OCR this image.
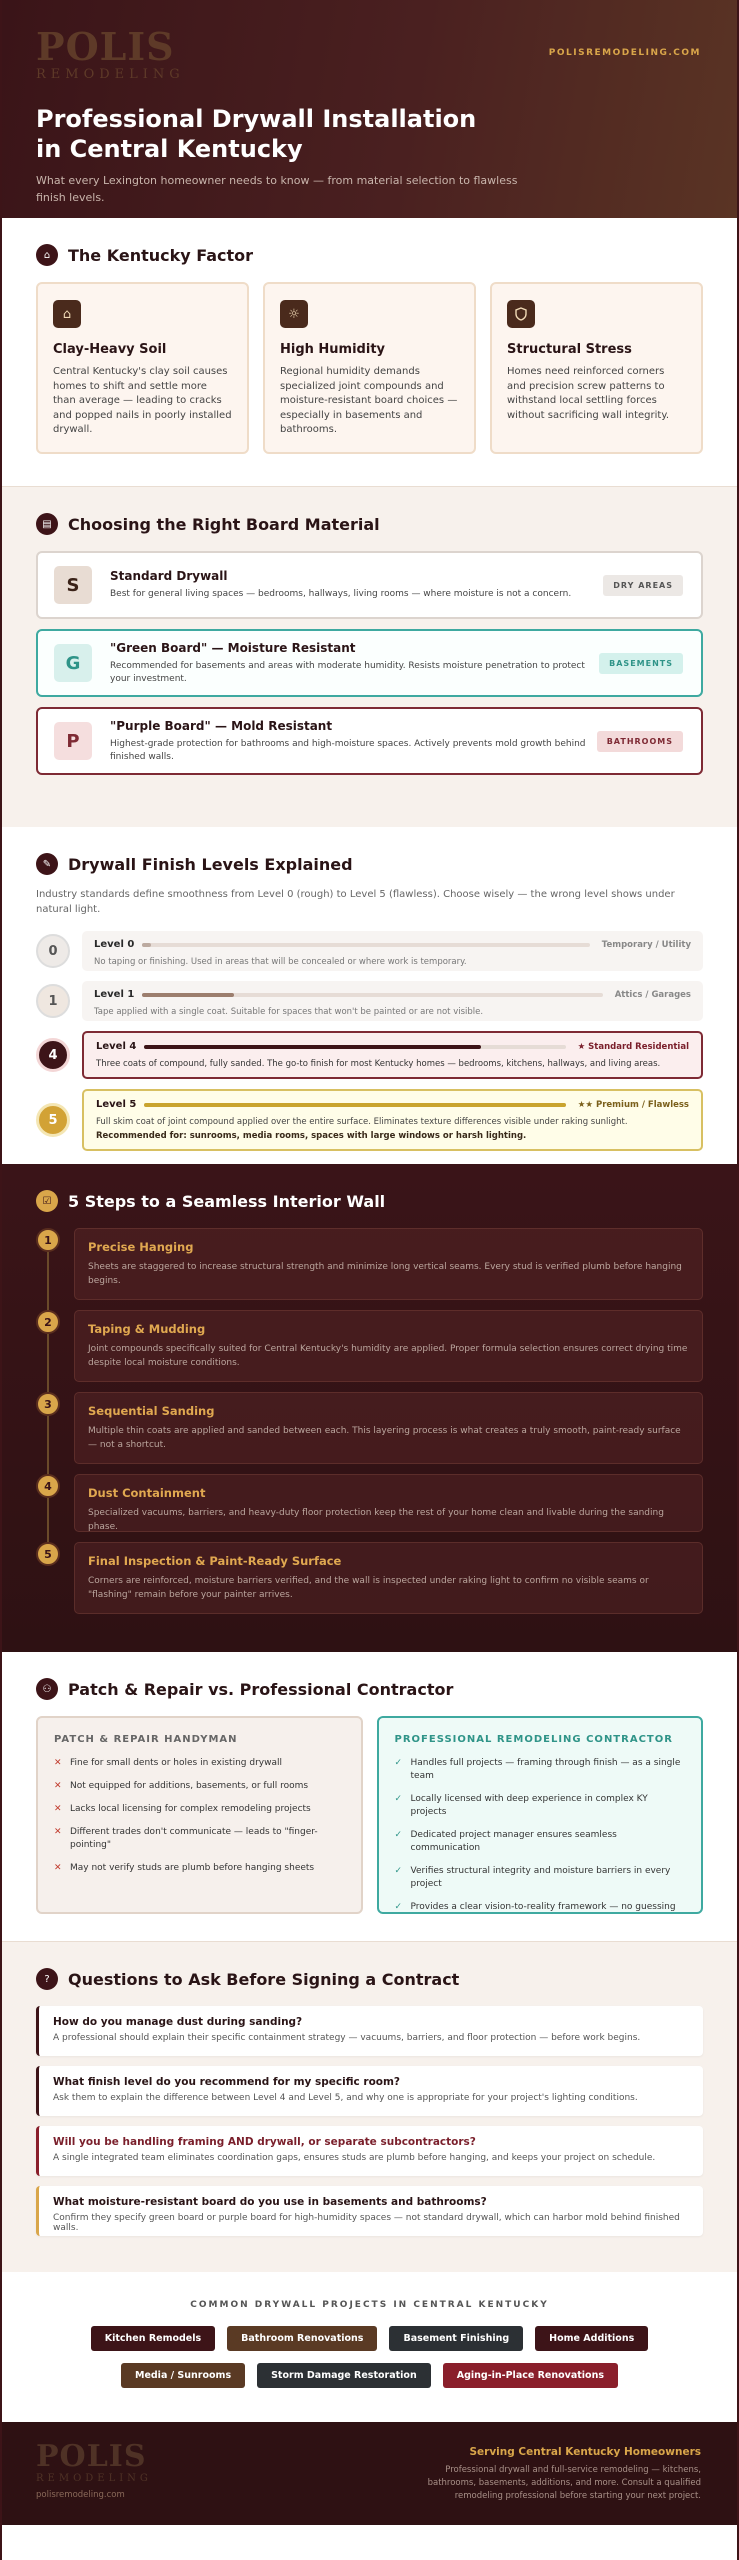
POLIS
REMODELING
POLISREMODELING.COM
Professional Drywall Installation in Central Kentucky

What every Lexington homeowner needs to know — from material selection to flawless finish levels.

⌂	The Kentucky Factor
⌂
Clay-Heavy Soil

Central Kentucky's clay soil causes homes to shift and settle more than average — leading to cracks and popped nails in poorly installed drywall.

☼
High Humidity

Regional humidity demands specialized joint compounds and moisture-resistant board choices — especially in basements and bathrooms.

Structural Stress

Homes need reinforced corners and precision screw patterns to withstand local settling forces without sacrificing wall integrity.

▤	Choosing the Right Board Material
S	Standard Drywall

Best for general living spaces — bedrooms, hallways, living rooms — where moisture is not a concern.

DRY AREAS
G
"Green Board" — Moisture Resistant

Recommended for basements and areas with moderate humidity. Resists moisture penetration to protect your investment.

BASEMENTS
P
"Purple Board" — Mold Resistant

Highest-grade protection for bathrooms and high-moisture spaces. Actively prevents mold growth behind finished walls.

BATHROOMS
✎	Drywall Finish Levels Explained

Industry standards define smoothness from Level 0 (rough) to Level 5 (flawless). Choose wisely — the wrong level shows under natural light.

0	Level 0	Temporary / Utility
No taping or finishing. Used in areas that will be concealed or where work is temporary.
1	Level 1	Attics / Garages
Tape applied with a single coat. Suitable for spaces that won't be painted or are not visible.
4
Level 4	★ Standard Residential
Three coats of compound, fully sanded. The go-to finish for most Kentucky homes — bedrooms, kitchens, hallways, and living areas.
5
Level 5	★★ Premium / Flawless
Full skim coat of joint compound applied over the entire surface. Eliminates texture differences visible under raking sunlight.
Recommended for: sunrooms, media rooms, spaces with large windows or harsh lighting.
☑	5 Steps to a Seamless Interior Wall
1	Precise Hanging

Sheets are staggered to increase structural strength and minimize long vertical seams. Every stud is verified plumb before hanging begins.

2	Taping & Mudding

Joint compounds specifically suited for Central Kentucky's humidity are applied. Proper formula selection ensures correct drying time despite local moisture conditions.

3	Sequential Sanding

Multiple thin coats are applied and sanded between each. This layering process is what creates a truly smooth, paint-ready surface — not a shortcut.

4	Dust Containment

Specialized vacuums, barriers, and heavy-duty floor protection keep the rest of your home clean and livable during the sanding phase.

5	Final Inspection & Paint-Ready Surface

Corners are reinforced, moisture barriers verified, and the wall is inspected under raking light to confirm no visible seams or "flashing" remain before your painter arrives.

⚇	Patch & Repair vs. Professional Contractor
PATCH & REPAIR HANDYMAN
✕ Fine for small dents or holes in existing drywall
✕ Not equipped for additions, basements, or full rooms
✕ Lacks local licensing for complex remodeling projects
✕ Different trades don't communicate — leads to "finger-pointing"
✕ May not verify studs are plumb before hanging sheets
PROFESSIONAL REMODELING CONTRACTOR
✓ Handles full projects — framing through finish — as a single team
✓ Locally licensed with deep experience in complex KY projects
✓ Dedicated project manager ensures seamless communication
✓ Verifies structural integrity and moisture barriers in every project
✓ Provides a clear vision-to-reality framework — no guessing
?	Questions to Ask Before Signing a Contract
How do you manage dust during sanding?

A professional should explain their specific containment strategy — vacuums, barriers, and floor protection — before work begins.

What finish level do you recommend for my specific room?

Ask them to explain the difference between Level 4 and Level 5, and why one is appropriate for your project's lighting conditions.

Will you be handling framing AND drywall, or separate subcontractors?

A single integrated team eliminates coordination gaps, ensures studs are plumb before hanging, and keeps your project on schedule.

What moisture-resistant board do you use in basements and bathrooms?

Confirm they specify green board or purple board for high-humidity spaces — not standard drywall, which can harbor mold behind finished walls.

COMMON DRYWALL PROJECTS IN CENTRAL KENTUCKY
Kitchen Remodels	Bathroom Renovations	Basement Finishing	Home Additions
Media / Sunrooms	Storm Damage Restoration	Aging-in-Place Renovations
POLIS
REMODELING
polisremodeling.com
Serving Central Kentucky Homeowners

Professional drywall and full-service remodeling — kitchens, bathrooms, basements, additions, and more. Consult a qualified remodeling professional before starting your next project.
